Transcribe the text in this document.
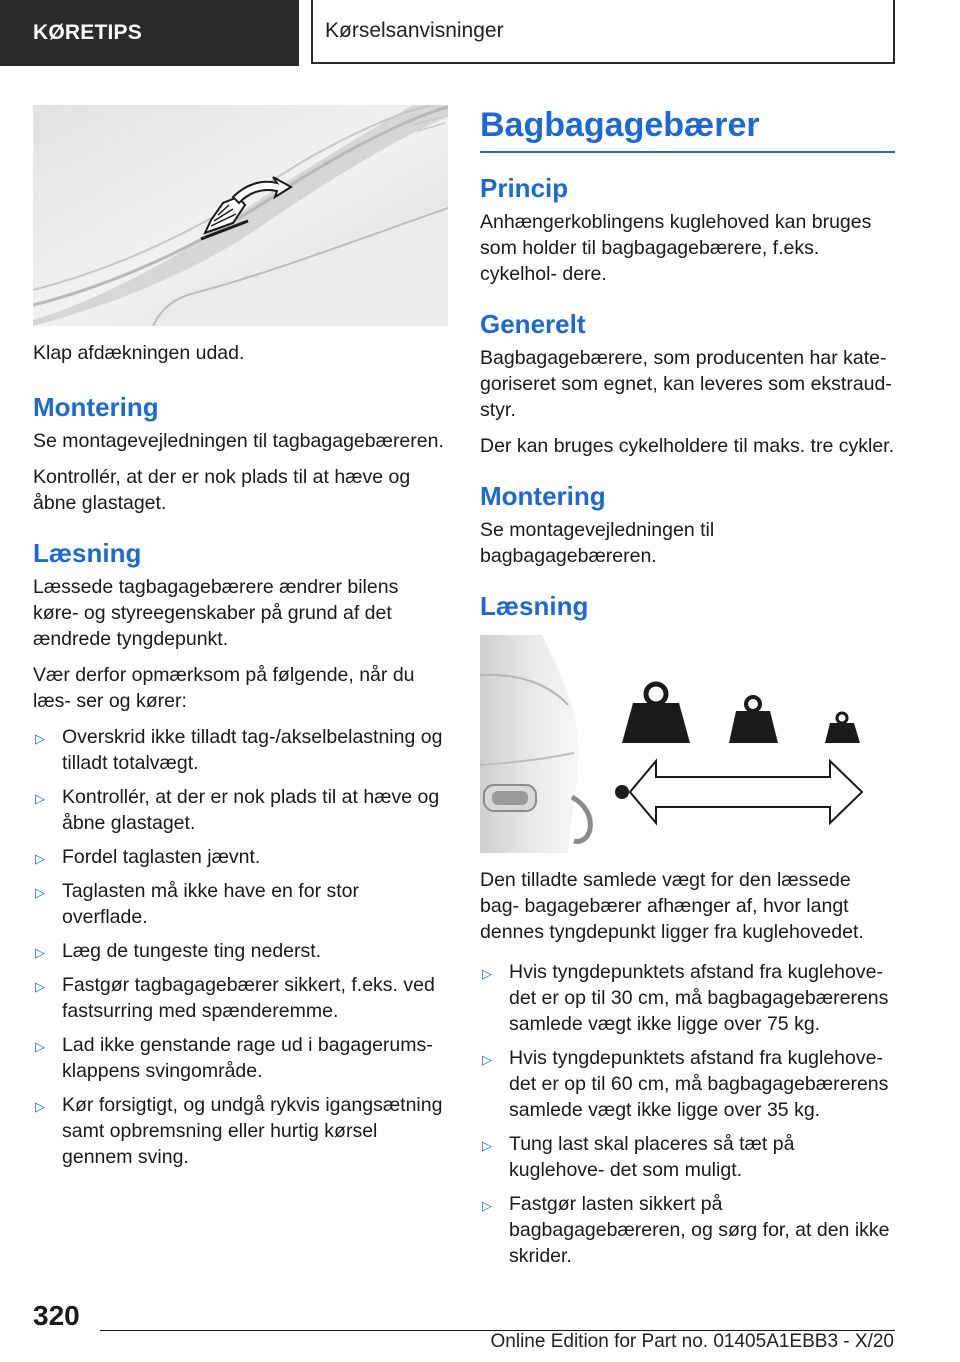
KØRETIPS	Kørselsanvisninger

Klap afdækningen udad.

Montering

Se montagevejledningen til tagbagagebæreren.

Kontrollér, at der er nok plads til at hæve og åbne glastaget.

Læsning

Læssede tagbagagebærere ændrer bilens køre- og styreegenskaber på grund af det ændrede tyngdepunkt.

Vær derfor opmærksom på følgende, når du læs- ser og kører:

▷ Overskrid ikke tilladt tag-/akselbelastning og tilladt totalvægt.
▷ Kontrollér, at der er nok plads til at hæve og åbne glastaget.
▷ Fordel taglasten jævnt.
▷ Taglasten må ikke have en for stor overflade.
▷ Læg de tungeste ting nederst.
▷ Fastgør tagbagagebærer sikkert, f.eks. ved fastsurring med spænderemme.
▷ Lad ikke genstande rage ud i bagagerums- klappens svingområde.
▷ Kør forsigtigt, og undgå rykvis igangsætning samt opbremsning eller hurtig kørsel gennem sving.
Bagbagagebærer
Princip

Anhængerkoblingens kuglehoved kan bruges som holder til bagbagagebærere, f.eks. cykelhol- dere.

Generelt

Bagbagagebærere, som producenten har kate- goriseret som egnet, kan leveres som ekstraud- styr.

Der kan bruges cykelholdere til maks. tre cykler.

Montering

Se montagevejledningen til bagbagagebæreren.

Læsning

Den tilladte samlede vægt for den læssede bag- bagagebærer afhænger af, hvor langt dennes tyngdepunkt ligger fra kuglehovedet.

▷ Hvis tyngdepunktets afstand fra kuglehove- det er op til 30 cm, må bagbagagebærerens samlede vægt ikke ligge over 75 kg.
▷ Hvis tyngdepunktets afstand fra kuglehove- det er op til 60 cm, må bagbagagebærerens samlede vægt ikke ligge over 35 kg.
▷ Tung last skal placeres så tæt på kuglehove- det som muligt.
▷ Fastgør lasten sikkert på bagbagagebæreren, og sørg for, at den ikke skrider.
320
Online Edition for Part no. 01405A1EBB3 - X/20
